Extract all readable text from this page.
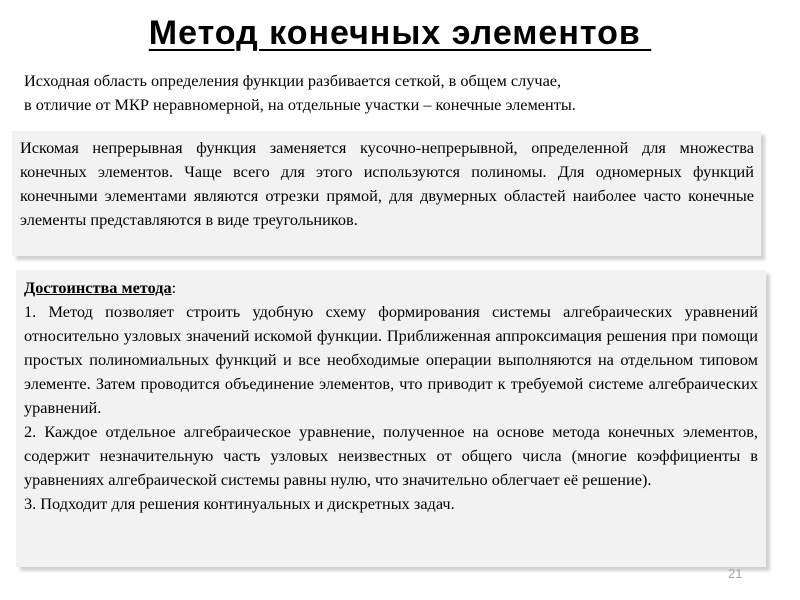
Метод конечных элементов
Исходная область определения функции разбивается сеткой, в общем случае,
в отличие от МКР неравномерной, на отдельные участки – конечные элементы.

Искомая непрерывная функция заменяется кусочно-непрерывной, определенной для множества конечных элементов. Чаще всего для этого используются полиномы. Для одномерных функций конечными элементами являются отрезки прямой, для двумерных областей наиболее часто конечные элементы представляются в виде треугольников.

Достоинства метода:

1. Метод позволяет строить удобную схему формирования системы алгебраических уравнений относительно узловых значений искомой функции. Приближенная аппроксимация решения при помощи простых полиномиальных функций и все необходимые операции выполняются на отдельном типовом элементе. Затем проводится объединение элементов, что приводит к требуемой системе алгебраических уравнений.

2. Каждое отдельное алгебраическое уравнение, полученное на основе метода конечных элементов, содержит незначительную часть узловых неизвестных от общего числа (многие коэффициенты в уравнениях алгебраической системы равны нулю, что значительно облегчает её решение).

3. Подходит для решения континуальных и дискретных задач.

21
